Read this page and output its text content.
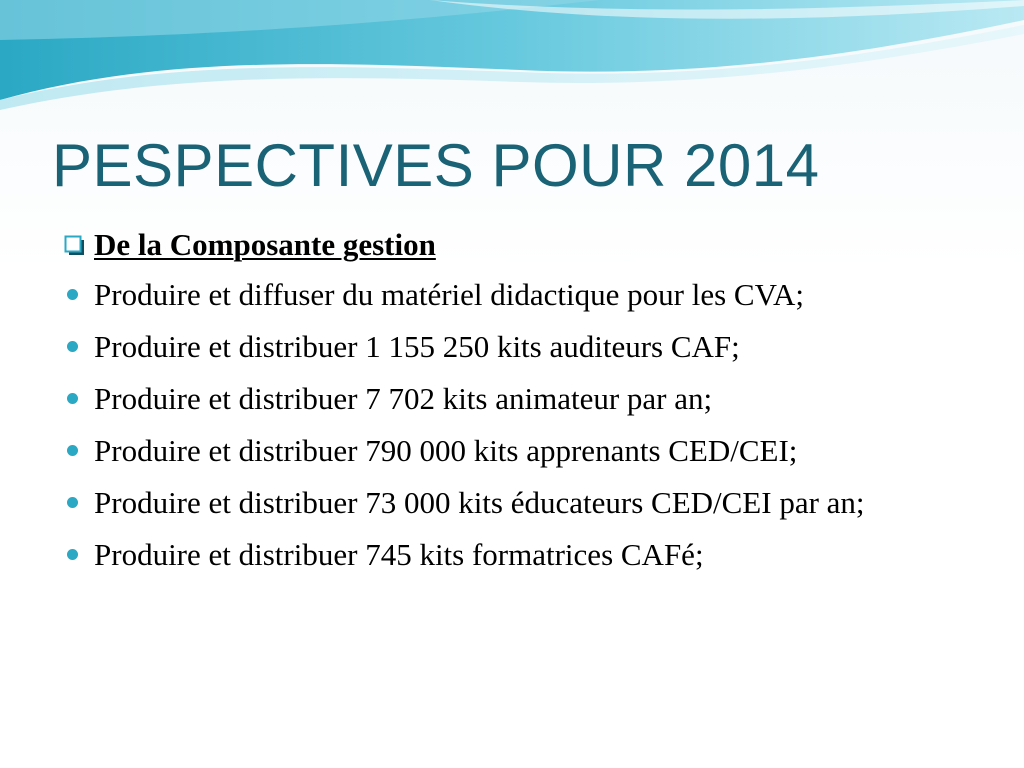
PESPECTIVES POUR 2014
De la Composante gestion
Produire et diffuser du matériel didactique pour les CVA;
Produire et distribuer 1 155 250 kits auditeurs CAF;
Produire et distribuer 7 702 kits animateur par an;
Produire et distribuer 790 000 kits apprenants CED/CEI;
Produire et distribuer 73 000 kits éducateurs CED/CEI par an;
Produire et distribuer 745 kits formatrices CAFé;
